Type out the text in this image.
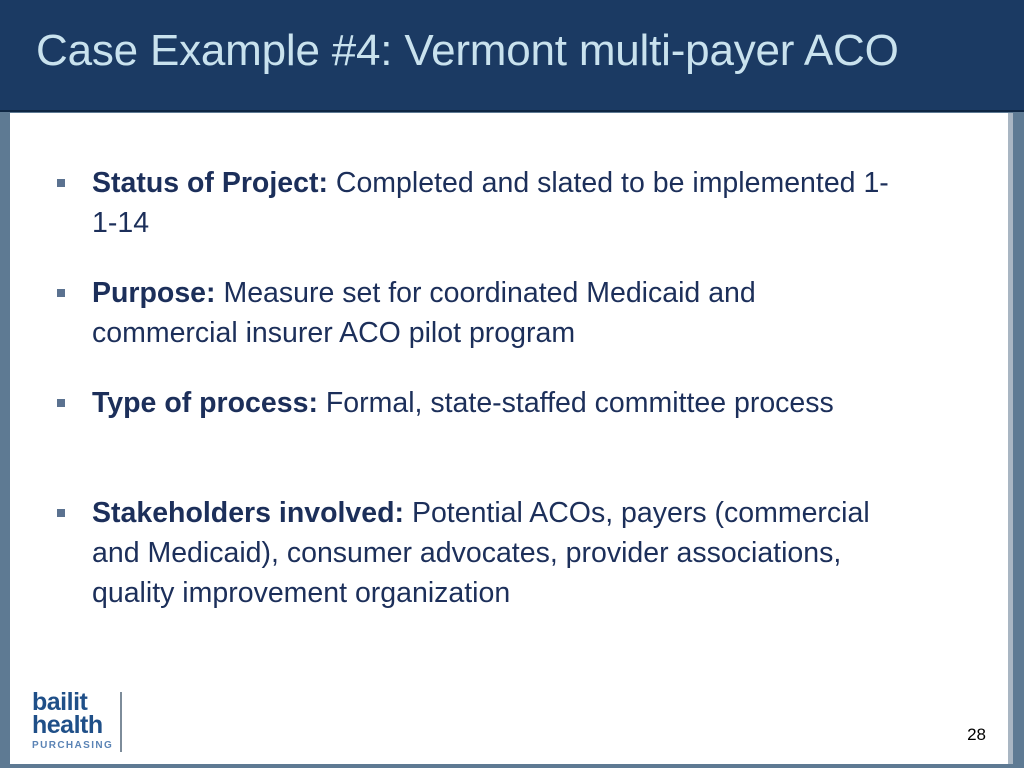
Case Example #4: Vermont multi-payer ACO
Status of Project: Completed and slated to be implemented 1-1-14
Purpose: Measure set for coordinated Medicaid and commercial insurer ACO pilot program
Type of process: Formal, state-staffed committee process
Stakeholders involved: Potential ACOs, payers (commercial and Medicaid), consumer advocates, provider associations, quality improvement organization
bailit
health
PURCHASING
28
